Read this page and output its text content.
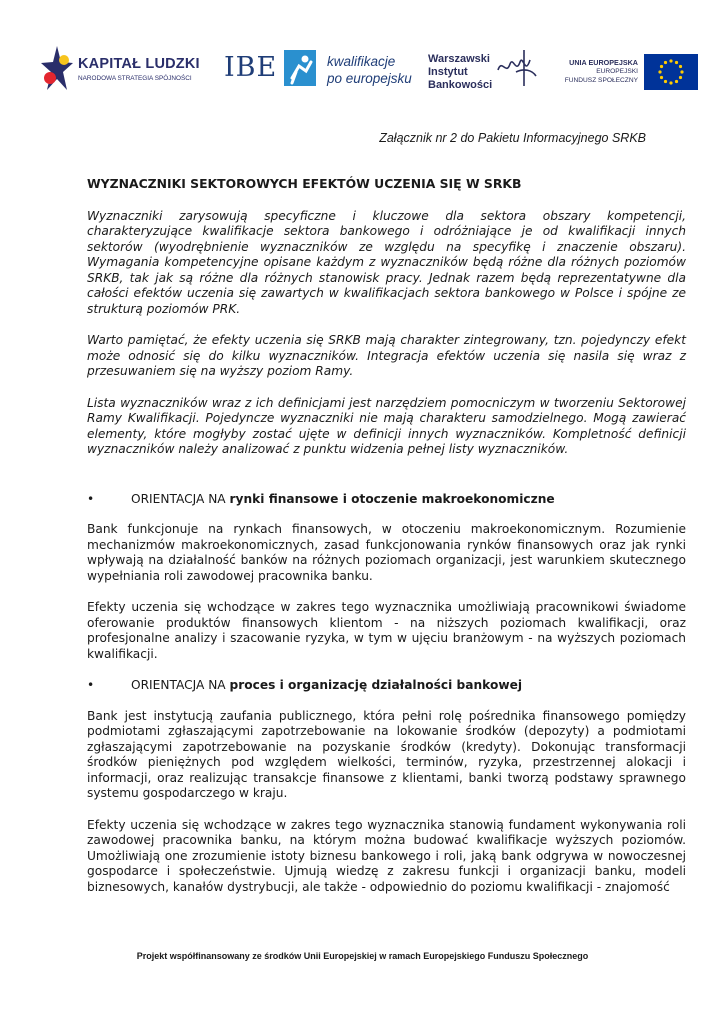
KAPITAŁ LUDZKI
NARODOWA STRATEGIA SPÓJNOŚCI IBE	kwalifikacje
po europejsku
Warszawski
Instytut
Bankowości
UNIA EUROPEJSKA
EUROPEJSKI
FUNDUSZ SPOŁECZNY
Załącznik nr 2 do Pakietu Informacyjnego SRKB

WYZNACZNIKI SEKTOROWYCH EFEKTÓW UCZENIA SIĘ W SRKB

Wyznaczniki zarysowują specyficzne i kluczowe dla sektora obszary kompetencji, charakteryzujące kwalifikacje sektora bankowego i odróżniające je od kwalifikacji innych sektorów (wyodrębnienie wyznaczników ze względu na specyfikę i znaczenie obszaru). Wymagania kompetencyjne opisane każdym z wyznaczników będą różne dla różnych poziomów SRKB, tak jak są różne dla różnych stanowisk pracy. Jednak razem będą reprezentatywne dla całości efektów uczenia się zawartych w kwalifikacjach sektora bankowego w Polsce i spójne ze strukturą poziomów PRK.

Warto pamiętać, że efekty uczenia się SRKB mają charakter zintegrowany, tzn. pojedynczy efekt może odnosić się do kilku wyznaczników. Integracja efektów uczenia się nasila się wraz z przesuwaniem się na wyższy poziom Ramy.

Lista wyznaczników wraz z ich definicjami jest narzędziem pomocniczym w tworzeniu Sektorowej Ramy Kwalifikacji. Pojedyncze wyznaczniki nie mają charakteru samodzielnego. Mogą zawierać elementy, które mogłyby zostać ujęte w definicji innych wyznaczników. Kompletność definicji wyznaczników należy analizować z punktu widzenia pełnej listy wyznaczników.

•	ORIENTACJA NA
rynki finansowe i otoczenie makroekonomiczne

Bank funkcjonuje na rynkach finansowych, w otoczeniu makroekonomicznym. Rozumienie mechanizmów makroekonomicznych, zasad funkcjonowania rynków finansowych oraz jak rynki wpływają na działalność banków na różnych poziomach organizacji, jest warunkiem skutecznego wypełniania roli zawodowej pracownika banku.

Efekty uczenia się wchodzące w zakres tego wyznacznika umożliwiają pracownikowi świadome oferowanie produktów finansowych klientom - na niższych poziomach kwalifikacji, oraz profesjonalne analizy i szacowanie ryzyka, w tym w ujęciu branżowym - na wyższych poziomach kwalifikacji.

•	ORIENTACJA NA
proces i organizację działalności bankowej

Bank jest instytucją zaufania publicznego, która pełni rolę pośrednika finansowego pomiędzy podmiotami zgłaszającymi zapotrzebowanie na lokowanie środków (depozyty) a podmiotami zgłaszającymi zapotrzebowanie na pozyskanie środków (kredyty). Dokonując transformacji środków pieniężnych pod względem wielkości, terminów, ryzyka, przestrzennej alokacji i informacji, oraz realizując transakcje finansowe z klientami, banki tworzą podstawy sprawnego systemu gospodarczego w kraju.

Efekty uczenia się wchodzące w zakres tego wyznacznika stanowią fundament wykonywania roli zawodowej pracownika banku, na którym można budować kwalifikacje wyższych poziomów. Umożliwiają one zrozumienie istoty biznesu bankowego i roli, jaką bank odgrywa w nowoczesnej gospodarce i społeczeństwie. Ujmują wiedzę z zakresu funkcji i organizacji banku, modeli biznesowych, kanałów dystrybucji, ale także - odpowiednio do poziomu kwalifikacji - znajomość

Projekt współfinansowany ze środków Unii Europejskiej w ramach Europejskiego Funduszu Społecznego
